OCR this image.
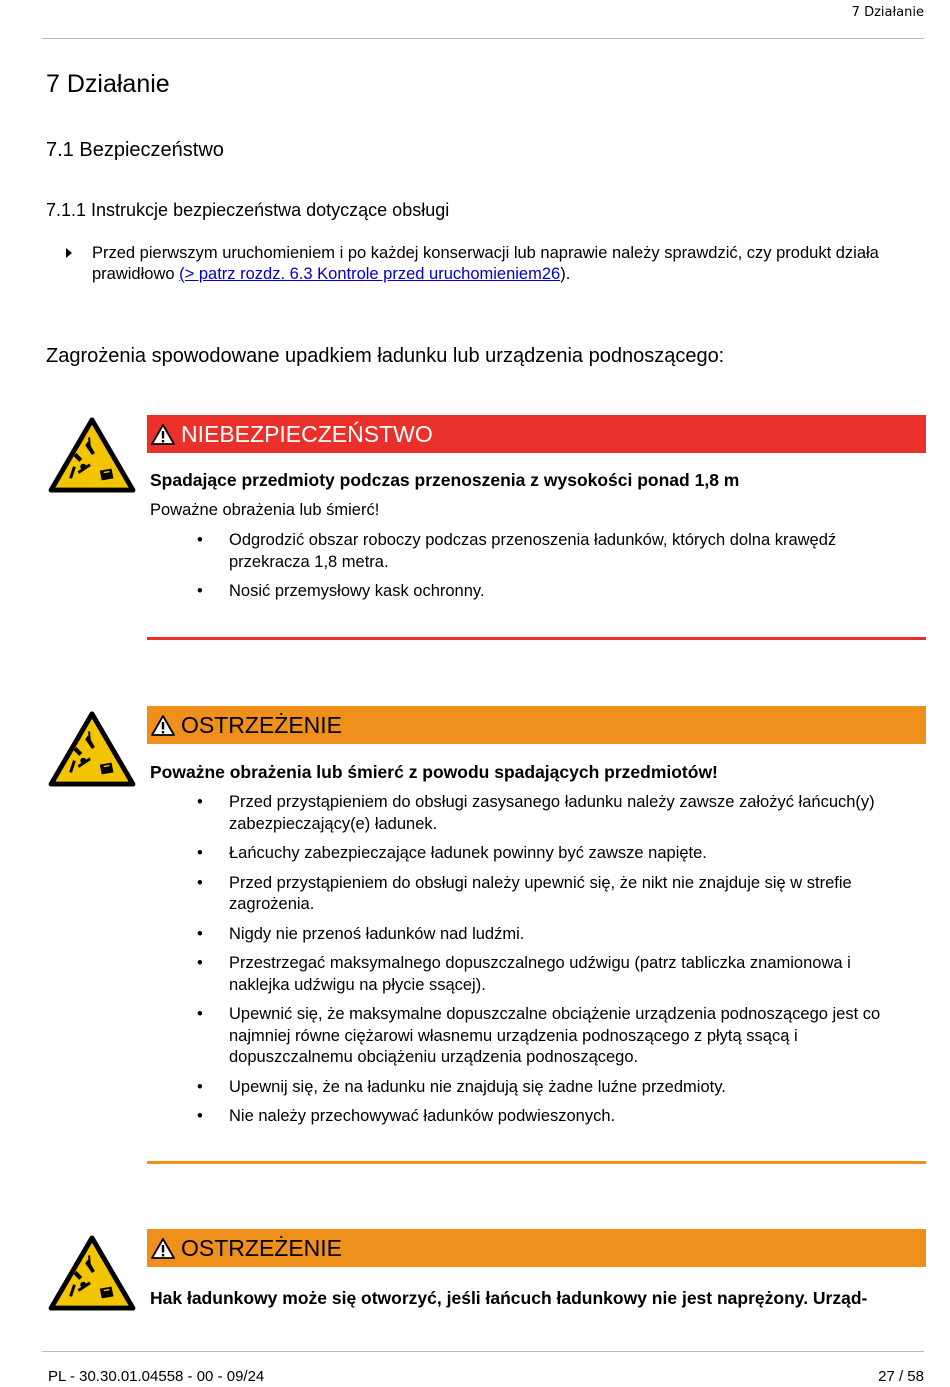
7 Działanie
7 Działanie
7.1 Bezpieczeństwo
7.1.1 Instrukcje bezpieczeństwa dotyczące obsługi
Przed pierwszym uruchomieniem i po każdej konserwacji lub naprawie należy sprawdzić, czy produkt działa prawidłowo (> patrz rozdz. 6.3 Kontrole przed uruchomieniem26).
Zagrożenia spowodowane upadkiem ładunku lub urządzenia podnoszącego:
NIEBEZPIECZEŃSTWO
Spadające przedmioty podczas przenoszenia z wysokości ponad 1,8 m
Poważne obrażenia lub śmierć!
• Odgrodzić obszar roboczy podczas przenoszenia ładunków, których dolna krawędź przekracza 1,8 metra.
• Nosić przemysłowy kask ochronny.
OSTRZEŻENIE
Poważne obrażenia lub śmierć z powodu spadających przedmiotów!
• Przed przystąpieniem do obsługi zasysanego ładunku należy zawsze założyć łańcuch(y) zabezpieczający(e) ładunek.
• Łańcuchy zabezpieczające ładunek powinny być zawsze napięte.
• Przed przystąpieniem do obsługi należy upewnić się, że nikt nie znajduje się w strefie zagrożenia.
• Nigdy nie przenoś ładunków nad ludźmi.
• Przestrzegać maksymalnego dopuszczalnego udźwigu (patrz tabliczka znamionowa i naklejka udźwigu na płycie ssącej).
• Upewnić się, że maksymalne dopuszczalne obciążenie urządzenia podnoszącego jest co najmniej równe ciężarowi własnemu urządzenia podnoszącego z płytą ssącą i dopuszczalnemu obciążeniu urządzenia podnoszącego.
• Upewnij się, że na ładunku nie znajdują się żadne luźne przedmioty.
• Nie należy przechowywać ładunków podwieszonych.
OSTRZEŻENIE
Hak ładunkowy może się otworzyć, jeśli łańcuch ładunkowy nie jest naprężony. Urząd-
PL - 30.30.01.04558 - 00 - 09/24	27 / 58
